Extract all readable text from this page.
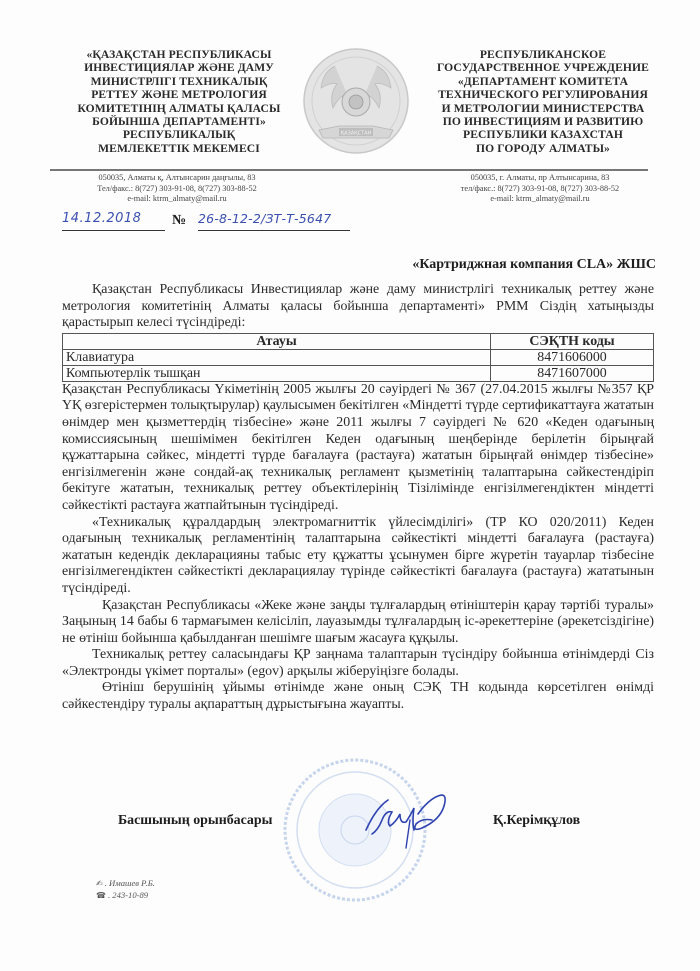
«ҚАЗАҚСТАН РЕСПУБЛИКАСЫ
ИНВЕСТИЦИЯЛАР ЖӘНЕ ДАМУ
МИНИСТРЛІГІ ТЕХНИКАЛЫҚ
РЕТТЕУ ЖӘНЕ МЕТРОЛОГИЯ
КОМИТЕТІНІҢ АЛМАТЫ ҚАЛАСЫ
БОЙЫНША ДЕПАРТАМЕНТІ»
РЕСПУБЛИКАЛЫҚ
МЕМЛЕКЕТТІК МЕКЕМЕСІ
ҚАЗАҚСТАН
РЕСПУБЛИКАНСКОЕ
ГОСУДАРСТВЕННОЕ УЧРЕЖДЕНИЕ
«ДЕПАРТАМЕНТ КОМИТЕТА
ТЕХНИЧЕСКОГО РЕГУЛИРОВАНИЯ
И МЕТРОЛОГИИ МИНИСТЕРСТВА
ПО ИНВЕСТИЦИЯМ И РАЗВИТИЮ
РЕСПУБЛИКИ КАЗАХСТАН
ПО ГОРОДУ АЛМАТЫ»
050035, Алматы қ, Алтынсарин даңғылы, 83
Тел/факс.: 8(727) 303-91-08, 8(727) 303-88-52
e-mail: ktrm_almaty@mail.ru
050035, г. Алматы, пр Алтынсарина, 83
тел/факс.: 8(727) 303-91-08, 8(727) 303-88-52
e-mail: ktrm_almaty@mail.ru
14.12.2018	№ 26-8-12-2/ЗТ-Т-5647
«Картриджная компания CLA» ЖШС

Қазақстан Республикасы Инвестициялар және даму министрлігі техникалық реттеу және метрология комитетінің Алматы қаласы бойынша департаменті» РММ Сіздің хатыңызды қарастырып келесі түсіндіреді:

Атауы	СЭҚТН коды
Клавиатура	8471606000
Компьютерлік тышқан	8471607000

Қазақстан Республикасы Үкіметінің 2005 жылғы 20 сәуірдегі № 367 (27.04.2015 жылғы №357 ҚР ҮҚ өзгерістермен толықтырулар) қаулысымен бекітілген «Міндетті түрде сертификаттауға жататын өнімдер мен қызметтердің тізбесіне» және 2011 жылғы 7 сәуірдегі № 620 «Кеден одағының комиссиясының шешімімен бекітілген Кеден одағының шеңберінде берілетін бірыңғай құжаттарына сәйкес, міндетті түрде бағалауға (растауға) жататын бірыңғай өнімдер тізбесіне» енгізілмегенін және сондай-ақ техникалық регламент қызметінің талаптарына сәйкестендіріп бекітуге жататын, техникалық реттеу объектілерінің Тізілімінде енгізілмегендіктен міндетті сәйкестікті растауға жатпайтынын түсіндіреді.

«Техникалық құралдардың электромагниттік үйлесімділігі» (ТР КО 020/2011) Кеден одағының техникалық регламентінің талаптарына сәйкестікті міндетті бағалауға (растауға) жататын кедендік декларацияны табыс ету құжатты ұсынумен бірге жүретін тауарлар тізбесіне енгізілмегендіктен сәйкестікті декларациялау түрінде сәйкестікті бағалауға (растауға) жататынын түсіндіреді.

Қазақстан Республикасы «Жеке және заңды тұлғалардың өтініштерін қарау тәртібі туралы» Заңының 14 бабы 6 тармағымен келісіліп, лауазымды тұлғалардың іс-әрекеттеріне (әрекетсіздігіне) не өтініш бойынша қабылданған шешімге шағым жасауға құқылы.

Техникалық реттеу саласындағы ҚР заңнама талаптарын түсіндіру бойынша өтінімдерді Сіз «Электронды үкімет порталы» (egov) арқылы жіберуіңізге болады.

Өтініш берушінің ұйымы өтінімде және оның СЭҚ ТН кодында көрсетілген өнімді сәйкестендіру туралы ақпараттың дұрыстығына жауапты.

Басшының орынбасары	Қ.Керімқұлов
✍ . Имашев Р.Б.
☎ . 243-10-89
